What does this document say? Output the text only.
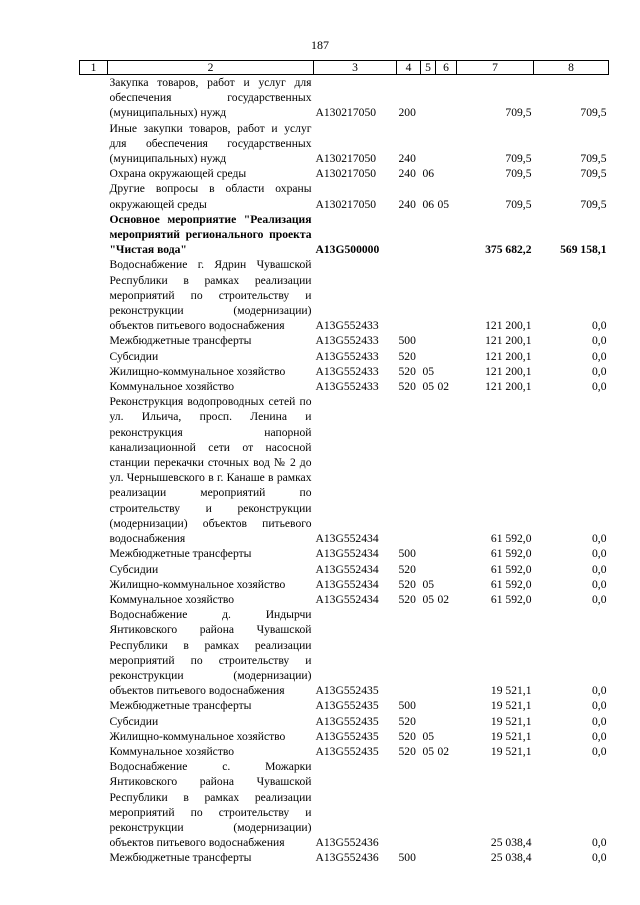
187
1	2	3	4	5	6	7	8
	Закупка товаров, работ и услуг для обеспечения государственных (муниципальных) нужд	А130217050	200			709,5	709,5
	Иные закупки товаров, работ и услуг для обеспечения государственных (муниципальных) нужд	А130217050	240			709,5	709,5
	Охрана окружающей среды	А130217050	240	06		709,5	709,5
	Другие вопросы в области охраны окружающей среды	А130217050	240	06	05	709,5	709,5
	Основное мероприятие "Реализация мероприятий регионального проекта "Чистая вода"	А13G500000				375 682,2	569 158,1
	Водоснабжение г. Ядрин Чувашской Республики в рамках реализации мероприятий по строительству и реконструкции (модернизации) объектов питьевого водоснабжения	А13G552433				121 200,1	0,0
	Межбюджетные трансферты	А13G552433	500			121 200,1	0,0
	Субсидии	А13G552433	520			121 200,1	0,0
	Жилищно-коммунальное хозяйство	А13G552433	520	05		121 200,1	0,0
	Коммунальное хозяйство	А13G552433	520	05	02	121 200,1	0,0
	Реконструкция водопроводных сетей по ул. Ильича, просп. Ленина и реконструкция напорной канализационной сети от насосной станции перекачки сточных вод № 2 до ул. Чернышевского в г. Канаше в рамках реализации мероприятий по строительству и реконструкции (модернизации) объектов питьевого водоснабжения	А13G552434				61 592,0	0,0
	Межбюджетные трансферты	А13G552434	500			61 592,0	0,0
	Субсидии	А13G552434	520			61 592,0	0,0
	Жилищно-коммунальное хозяйство	А13G552434	520	05		61 592,0	0,0
	Коммунальное хозяйство	А13G552434	520	05	02	61 592,0	0,0
	Водоснабжение д. Индырчи Янтиковского района Чувашской Республики в рамках реализации мероприятий по строительству и реконструкции (модернизации) объектов питьевого водоснабжения	А13G552435				19 521,1	0,0
	Межбюджетные трансферты	А13G552435	500			19 521,1	0,0
	Субсидии	А13G552435	520			19 521,1	0,0
	Жилищно-коммунальное хозяйство	А13G552435	520	05		19 521,1	0,0
	Коммунальное хозяйство	А13G552435	520	05	02	19 521,1	0,0
	Водоснабжение с. Можарки Янтиковского района Чувашской Республики в рамках реализации мероприятий по строительству и реконструкции (модернизации) объектов питьевого водоснабжения	А13G552436				25 038,4	0,0
	Межбюджетные трансферты	А13G552436	500			25 038,4	0,0
